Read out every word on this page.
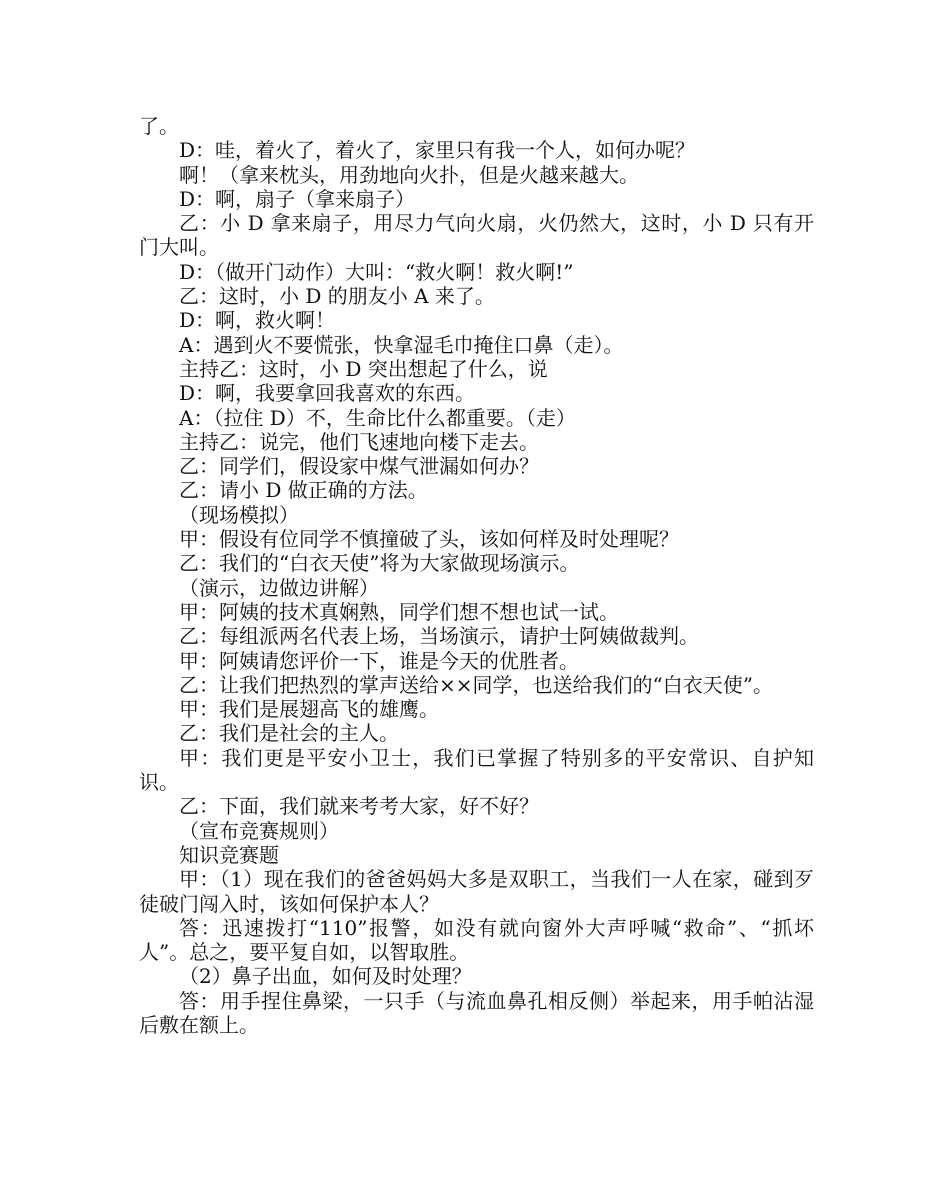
了。

D：哇，着火了，着火了，家里只有我一个人，如何办呢？

啊！（拿来枕头，用劲地向火扑，但是火越来越大。

D：啊，扇子（拿来扇子）

乙：小 D 拿来扇子，用尽力气向火扇，火仍然大，这时，小 D 只有开门大叫。

D：（做开门动作）大叫：“救火啊！救火啊!”

乙：这时，小 D 的朋友小 A 来了。

D：啊，救火啊！

A：遇到火不要慌张，快拿湿毛巾掩住口鼻（走）。

主持乙：这时，小 D 突出想起了什么，说

D：啊，我要拿回我喜欢的东西。

A：（拉住 D）不，生命比什么都重要。（走）

主持乙：说完，他们飞速地向楼下走去。

乙：同学们，假设家中煤气泄漏如何办？

乙：请小 D 做正确的方法。

（现场模拟）

甲：假设有位同学不慎撞破了头，该如何样及时处理呢？

乙：我们的“白衣天使”将为大家做现场演示。

（演示，边做边讲解）

甲：阿姨的技术真娴熟，同学们想不想也试一试。

乙：每组派两名代表上场，当场演示，请护士阿姨做裁判。

甲：阿姨请您评价一下，谁是今天的优胜者。

乙：让我们把热烈的掌声送给××同学，也送给我们的“白衣天使”。

甲：我们是展翅高飞的雄鹰。

乙：我们是社会的主人。

甲：我们更是平安小卫士，我们已掌握了特别多的平安常识、自护知识。

乙：下面，我们就来考考大家，好不好？

（宣布竞赛规则）

知识竞赛题

甲：（1）现在我们的爸爸妈妈大多是双职工，当我们一人在家，碰到歹徒破门闯入时，该如何保护本人？

答：迅速拨打“110”报警，如没有就向窗外大声呼喊“救命”、“抓坏人”。总之，要平复自如，以智取胜。

（2）鼻子出血，如何及时处理？

答：用手捏住鼻梁，一只手（与流血鼻孔相反侧）举起来，用手帕沾湿后敷在额上。
